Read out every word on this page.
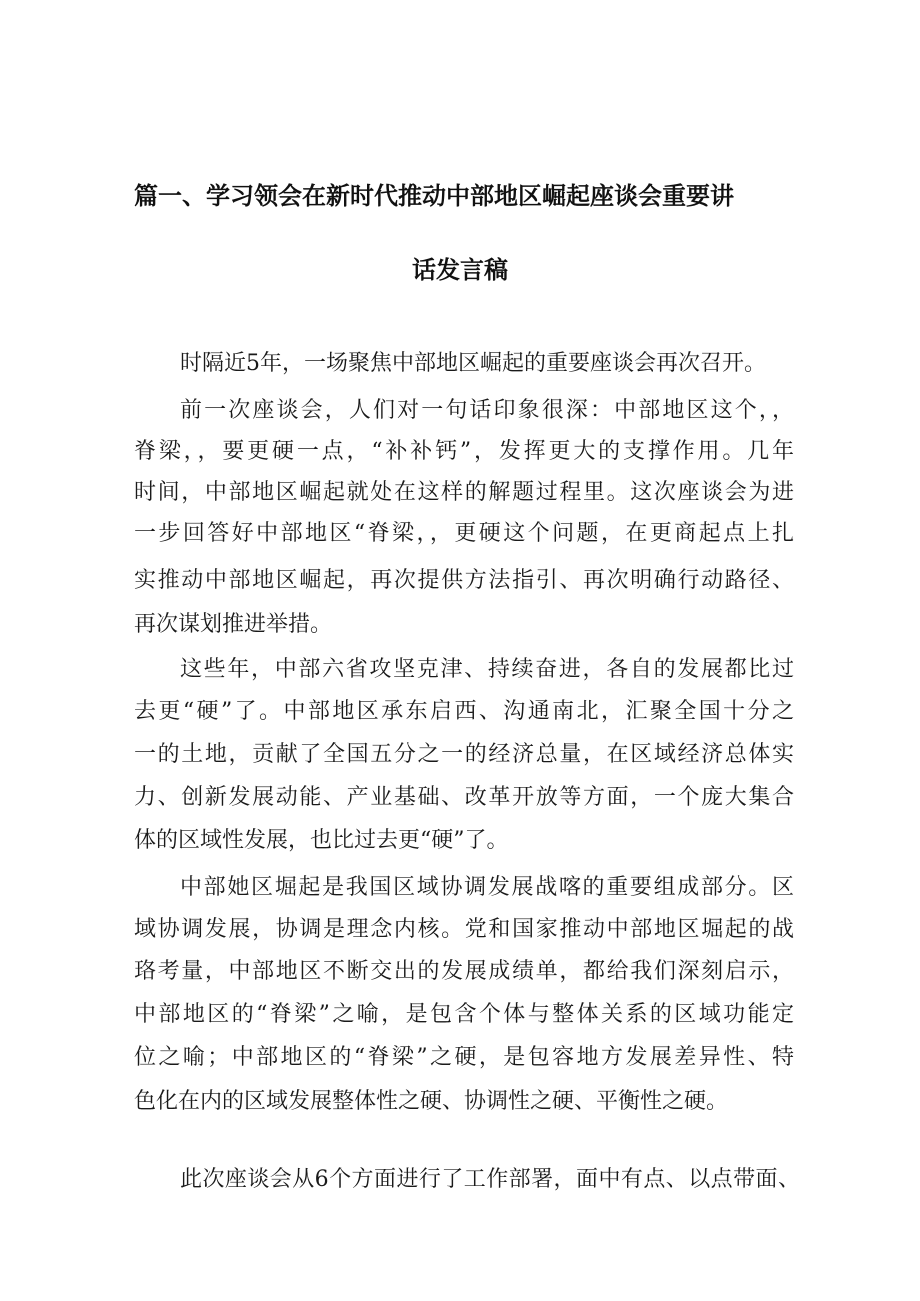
篇一、学习领会在新时代推动中部地区崛起座谈会重要讲
话发言稿
时隔近5年，一场聚焦中部地区崛起的重要座谈会再次召开。
前一次座谈会，人们对一句话印象很深：中部地区这个，，
脊梁，，要更硬一点，“补补钙”，发挥更大的支撑作用。几年
时间，中部地区崛起就处在这样的解题过程里。这次座谈会为进
一步回答好中部地区“脊梁，，更硬这个问题，在更商起点上扎
实推动中部地区崛起，再次提供方法指引、再次明确行动路径、
再次谋划推进举措。
这些年，中部六省攻坚克津、持续奋进，各自的发展都比过
去更“硬”了。中部地区承东启西、沟通南北，汇聚全国十分之
一的土地，贡献了全国五分之一的经济总量，在区域经济总体实
力、创新发展动能、产业基础、改革开放等方面，一个庞大集合
体的区域性发展，也比过去更“硬”了。
中部她区堀起是我国区域协调发展战喀的重要组成部分。区
域协调发展，协调是理念内核。党和国家推动中部地区堀起的战
珞考量，中部地区不断交出的发展成绩单，都给我们深刻启示，
中部地区的“脊梁”之喻，是包含个体与整体关系的区域功能定
位之喻；中部地区的“脊梁”之硬，是包容地方发展差异性、特
色化在内的区域发展整体性之硬、协调性之硬、平衡性之硬。
此次座谈会从6个方面进行了工作部署，面中有点、以点带面、
